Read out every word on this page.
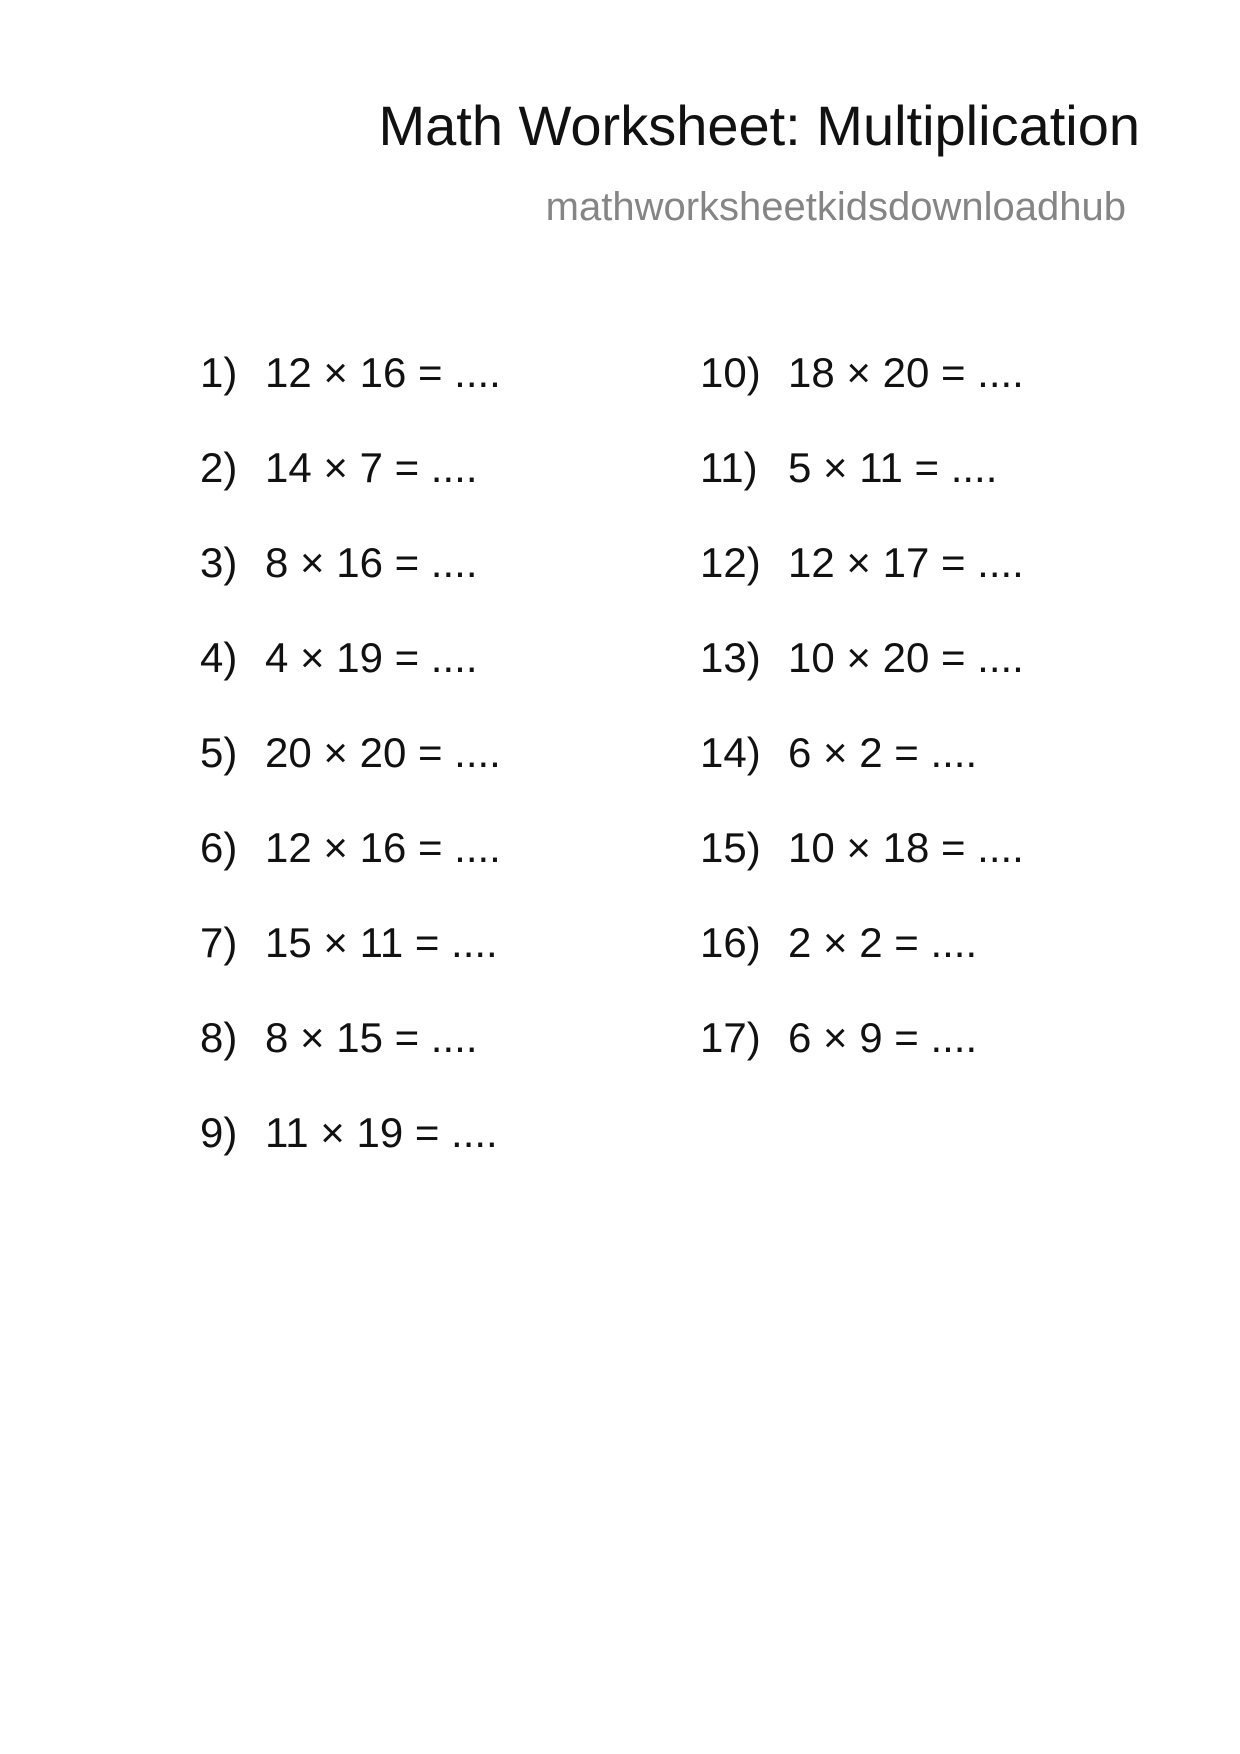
Math Worksheet: Multiplication
mathworksheetkidsdownloadhub
1) 12 × 16 = ....
2) 14 × 7 = ....
3) 8 × 16 = ....
4) 4 × 19 = ....
5) 20 × 20 = ....
6) 12 × 16 = ....
7) 15 × 11 = ....
8) 8 × 15 = ....
9) 11 × 19 = ....
10) 18 × 20 = ....
11) 5 × 11 = ....
12) 12 × 17 = ....
13) 10 × 20 = ....
14) 6 × 2 = ....
15) 10 × 18 = ....
16) 2 × 2 = ....
17) 6 × 9 = ....
